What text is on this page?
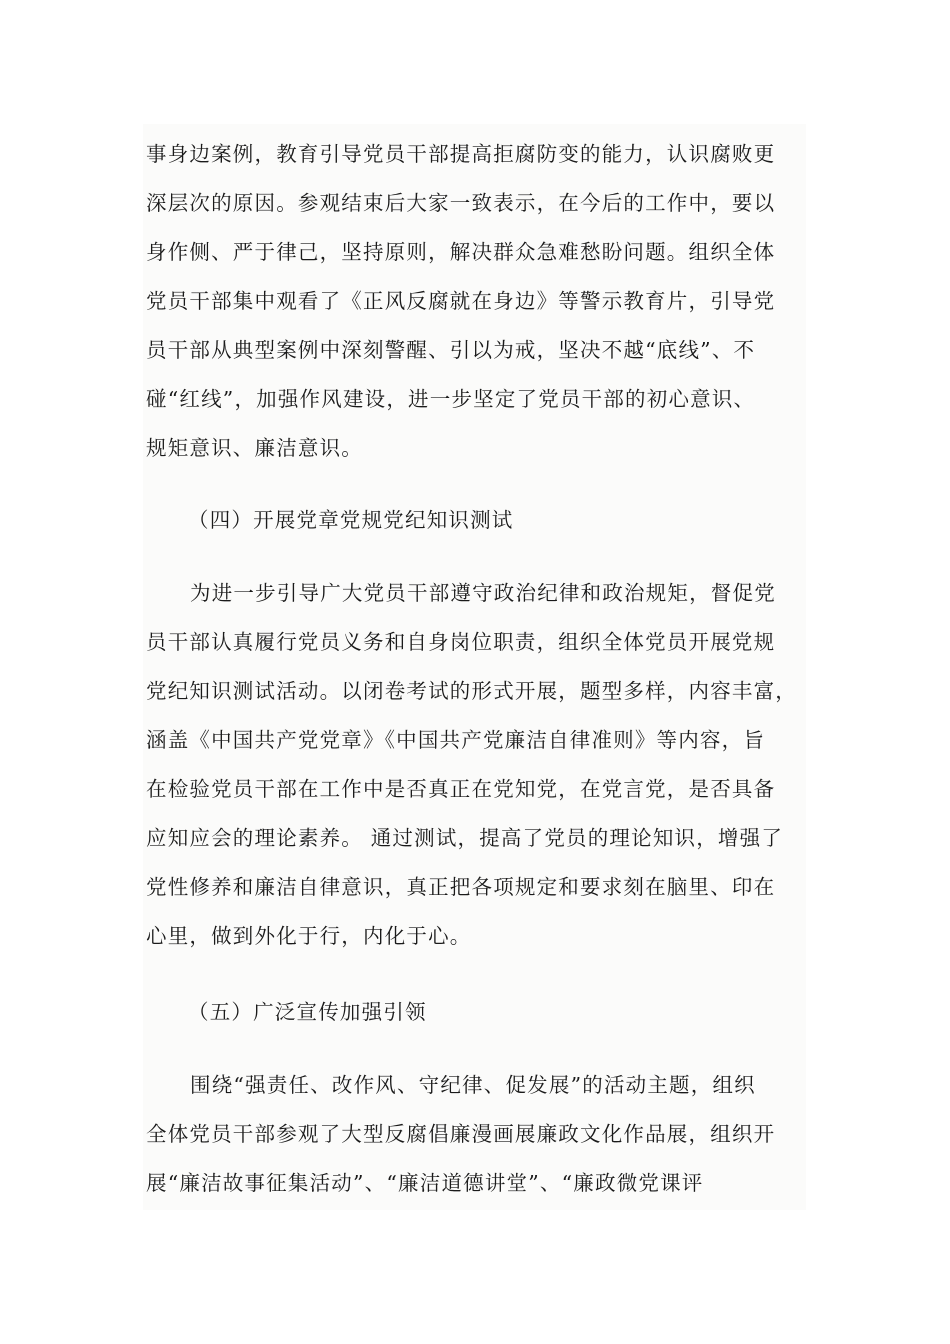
事身边案例，教育引导党员干部提高拒腐防变的能力，认识腐败更
深层次的原因。参观结束后大家一致表示，在今后的工作中，要以
身作侧、严于律己，坚持原则，解决群众急难愁盼问题。组织全体
党员干部集中观看了《正风反腐就在身边》等警示教育片，引导党
员干部从典型案例中深刻警醒、引以为戒，坚决不越“底线”、不
碰“红线”，加强作风建设，进一步坚定了党员干部的初心意识、
规矩意识、廉洁意识。
（四）开展党章党规党纪知识测试
为进一步引导广大党员干部遵守政治纪律和政治规矩，督促党
员干部认真履行党员义务和自身岗位职责，组织全体党员开展党规
党纪知识测试活动。以闭卷考试的形式开展，题型多样，内容丰富，
涵盖《中国共产党党章》《中国共产党廉洁自律准则》等内容，旨
在检验党员干部在工作中是否真正在党知党，在党言党，是否具备
应知应会的理论素养。 通过测试，提高了党员的理论知识，增强了
党性修养和廉洁自律意识，真正把各项规定和要求刻在脑里、印在
心里，做到外化于行，内化于心。
（五）广泛宣传加强引领
围绕“强责任、改作风、守纪律、促发展”的活动主题，组织
全体党员干部参观了大型反腐倡廉漫画展廉政文化作品展，组织开
展“廉洁故事征集活动”、“廉洁道德讲堂”、“廉政微党课评
